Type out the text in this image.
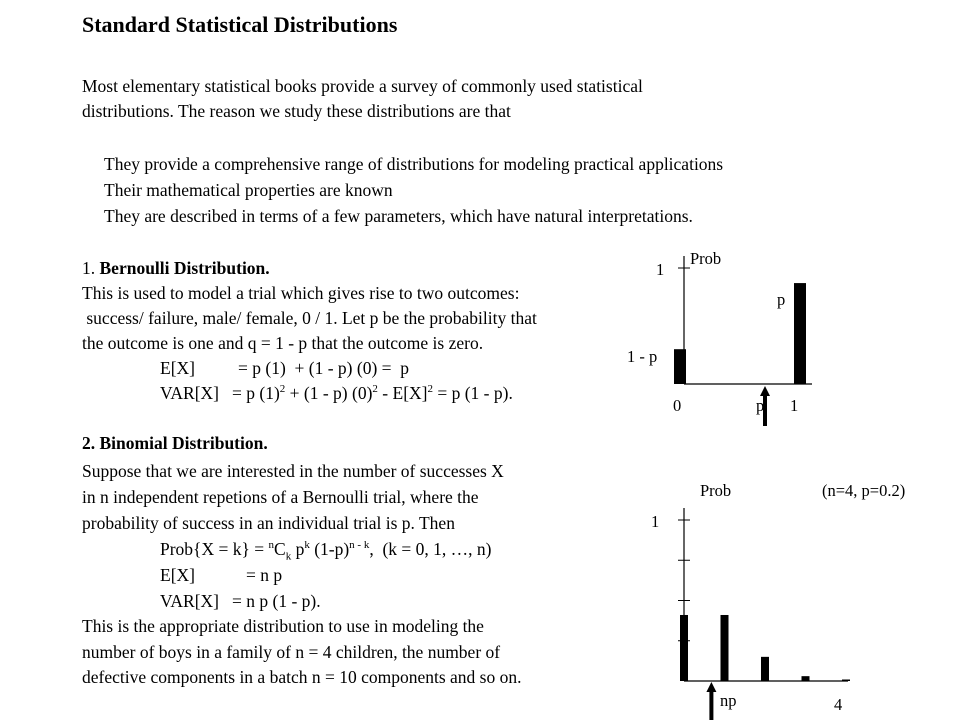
Standard Statistical Distributions
Most elementary statistical books provide a survey of commonly used statistical
distributions. The reason we study these distributions are that
They provide a comprehensive range of distributions for modeling practical applications
Their mathematical properties are known
They are described in terms of a few parameters, which have natural interpretations.
1. Bernoulli Distribution.
This is used to model a trial which gives rise to two outcomes:
success/ failure, male/ female, 0 / 1. Let p be the probability that
the outcome is one and q = 1 - p that the outcome is zero.
E[X] = p (1)  + (1 - p) (0) =  p
VAR[X] = p $(1)^2 + (1 - p)$ $(0)^2 - E[X]^2 = p$ (1 - p).
2. Binomial Distribution.
Suppose that we are interested in the number of successes X
in n independent repetions of a Bernoulli trial, where the
probability of success in an individual trial is p. Then
Prob{X = $k\} = ^nC_k$ $p^k$ $(1-p)^{n - k}$,  (k = 0, 1, …, n)
E[X]	= n p
VAR[X] = n p (1 - p).
This is the appropriate distribution to use in modeling the
number of boys in a family of n = 4 children, the number of
defective components in a batch n = 10 components and so on.
1
Prob
0	1
1 - p
p
p
Prob	(n=4, p=0.2)
1
4
np
